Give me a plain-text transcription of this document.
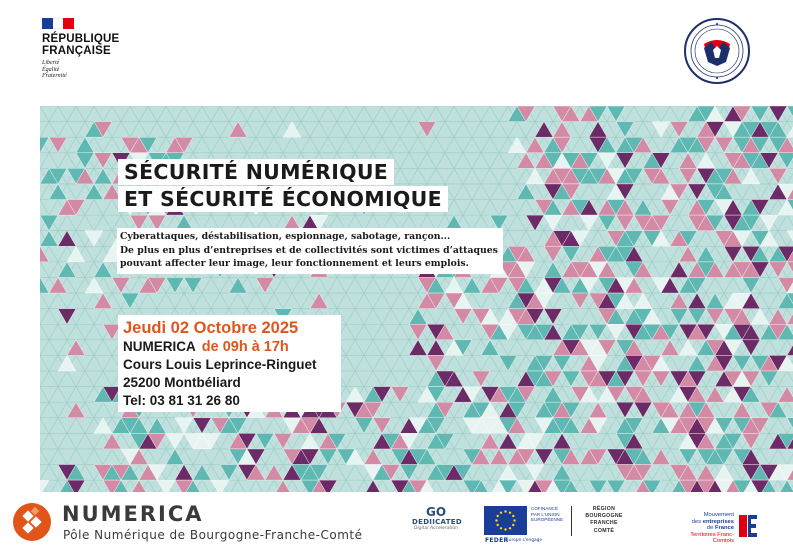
RÉPUBLIQUE
FRANÇAISE
Liberté
Égalité
Fraternité
SÉCURITÉ NUMÉRIQUE
ET SÉCURITÉ ÉCONOMIQUE
Cyberattaques, déstabilisation, espionnage, sabotage, rançon...
De plus en plus d’entreprises et de collectivités sont victimes d’attaques
pouvant affecter leur image, leur fonctionnement et leurs emplois.
Jeudi 02 Octobre 2025
NUMERICA de 09h à 17h
Cours Louis Leprince-Ringuet
25200 Montbéliard
Tel: 03 81 31 26 80
NUMERICA
Pôle Numérique de Bourgogne-Franche-Comté
GO
DEDIICATED
Digital Acceleration
COFINANCÉ
PAR L'UNION
EUROPÉENNE
FEDER
Europe s'engage
RÉGION
BOURGOGNE
FRANCHE
COMTÉ
Mouvement
des entreprises
de France
Territoires Franc-Comtois
